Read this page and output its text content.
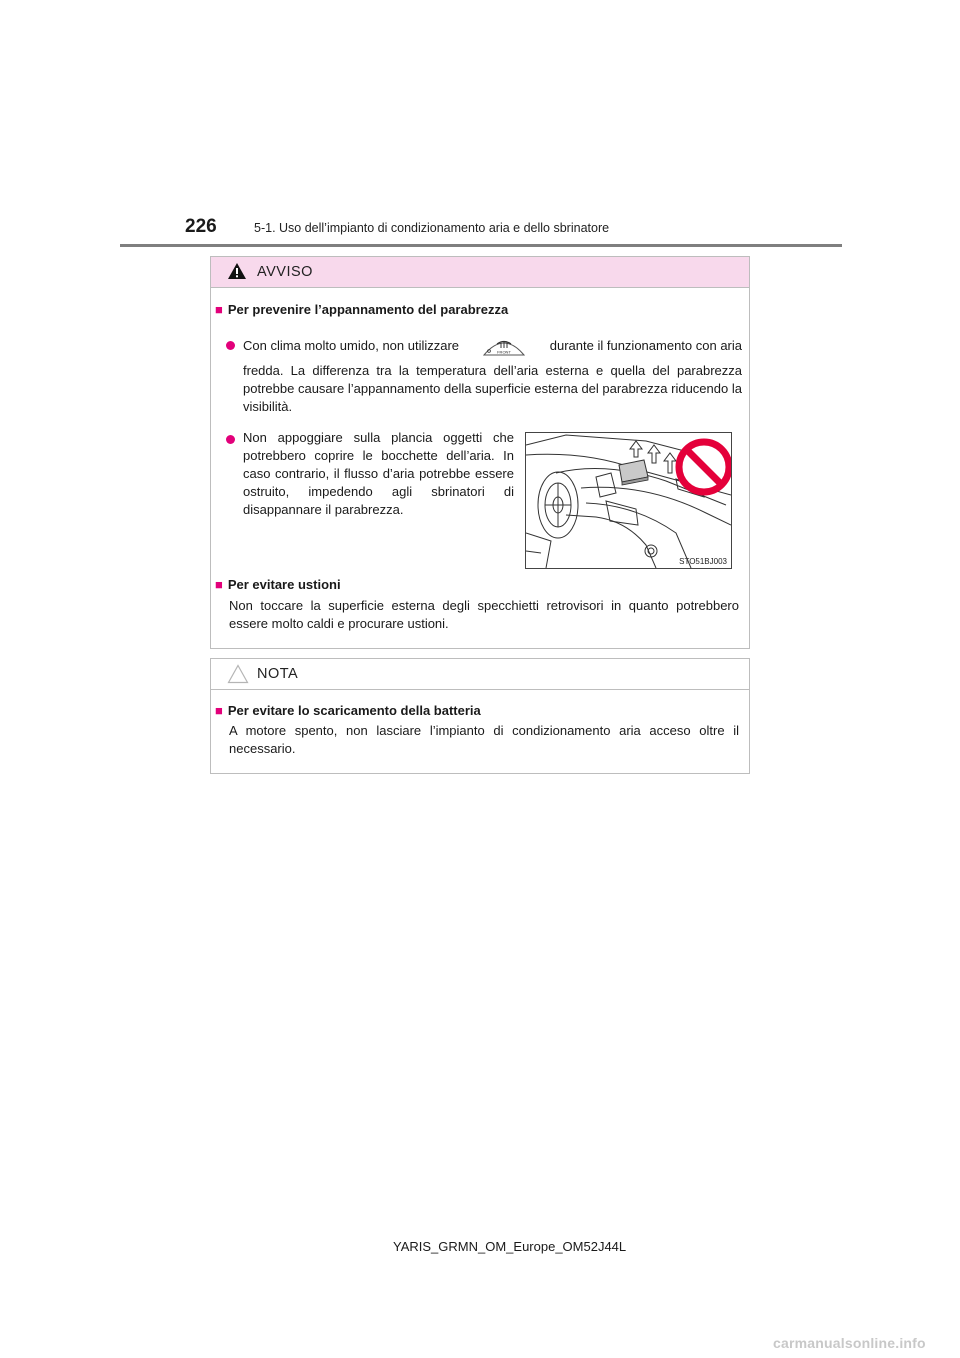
226	5-1. Uso dell’impianto di condizionamento aria e dello sbrinatore
AVVISO
■ Per prevenire l’appannamento del parabrezza
Con clima molto umido, non utilizzare	FRONT	durante il funzionamento con aria
fredda. La differenza tra la temperatura dell’aria esterna e quella del parabrezza potrebbe causare l’appannamento della superficie esterna del parabrezza riducendo la visibilità.
Non appoggiare sulla plancia oggetti che potrebbero coprire le bocchette dell’aria. In caso contrario, il flusso d’aria potrebbe essere ostruito, impedendo agli sbrinatori di disappannare il parabrezza.
STO51BJ003
■ Per evitare ustioni
Non toccare la superficie esterna degli specchietti retrovisori in quanto potrebbero essere molto caldi e procurare ustioni.
NOTA
■ Per evitare lo scaricamento della batteria
A motore spento, non lasciare l’impianto di condizionamento aria acceso oltre il necessario.
YARIS_GRMN_OM_Europe_OM52J44L
carmanualsonline.info
